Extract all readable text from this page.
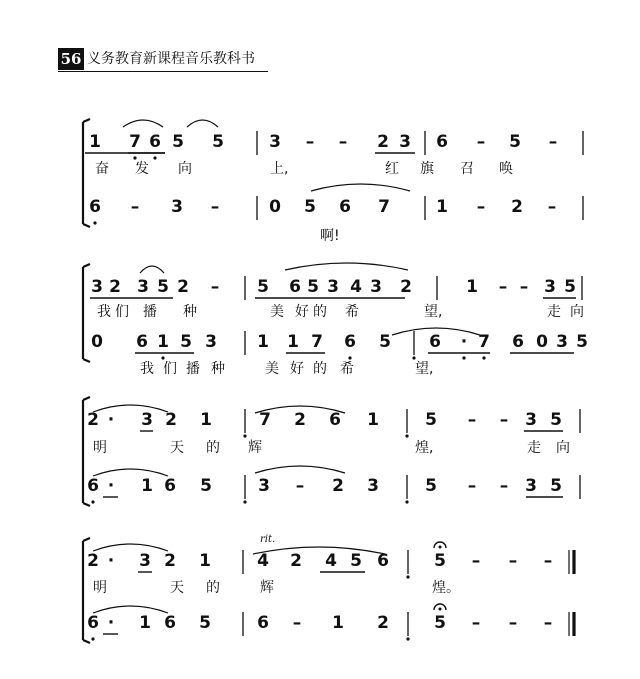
56 义务教育新课程音乐教科书
1 7 6 5 5	3 – – 2 3 6 – 5 –
奋 发 向	上,	红 旗 召 唤
6 – 3 –	0 5 6 7	1 – 2 –
啊!
3 2 3 5 2 – 5 6 5 3 4 3 2	1 – – 3 5
我 们 播 种	美 好 的 希	望,	走 向
0 6 1 5 3 1 1 7 6 5 6 · 7 6 0 3 5
我 们 播 种	美 好 的 希	望,
2 · 3 2 1	7 2 6 1	5 – – 3 5
明	天 的 辉	煌,	走 向
6 · 1 6 5	3 – 2 3	5 – – 3 5
2 · 3 2 1	4 2 4 5 6	5 – – –
明	天 的	辉	煌。
rit.
6 · 1 6 5	6 – 1 2	5 – – –
